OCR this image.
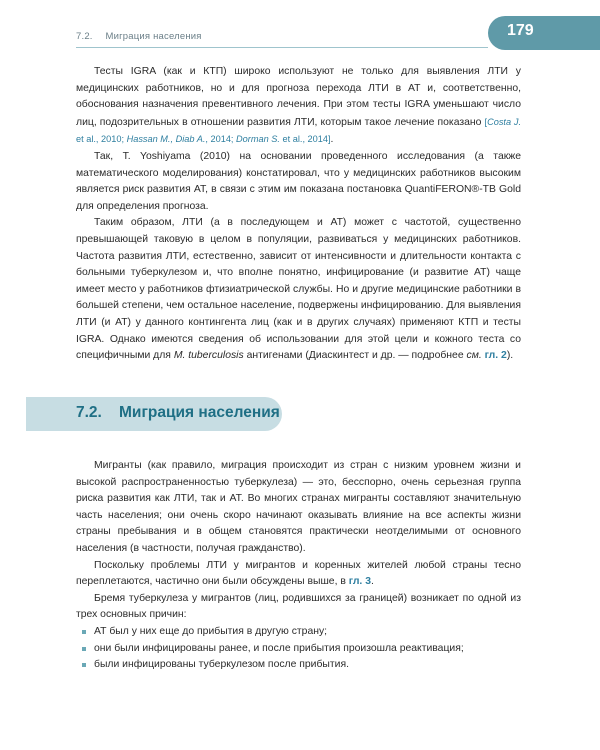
7.2. Миграция населения	179

Тесты IGRA (как и КТП) широко используют не только для выявления ЛТИ у медицинских работников, но и для прогноза перехода ЛТИ в АТ и, соответственно, обоснования назначения превентивного лечения. При этом тесты IGRA уменьшают число лиц, подозрительных в отношении развития ЛТИ, которым такое лечение показано [Costa J. et al., 2010; Hassan M., Diab A., 2014; Dorman S. et al., 2014].

Так, T. Yoshiyama (2010) на основании проведенного исследования (а также математического моделирования) констатировал, что у медицинских работников высоким является риск развития АТ, в связи с этим им показана постановка QuantiFERON®-TB Gold для определения прогноза.

Таким образом, ЛТИ (а в последующем и АТ) может с частотой, существенно превышающей таковую в целом в популяции, развиваться у медицинских работников. Частота развития ЛТИ, естественно, зависит от интенсивности и длительности контакта с больными туберкулезом и, что вполне понятно, инфицирование (и развитие АТ) чаще имеет место у работников фтизиатрической службы. Но и другие медицинские работники в большей степени, чем остальное население, подвержены инфицированию. Для выявления ЛТИ (и АТ) у данного контингента лиц (как и в других случаях) применяют КТП и тесты IGRA. Однако имеются сведения об использовании для этой цели и кожного теста со специфичными для M. tuberculosis антигенами (Диаскинтест и др. — подробнее см. гл. 2).

7.2. Миграция населения

Мигранты (как правило, миграция происходит из стран с низким уровнем жизни и высокой распространенностью туберкулеза) — это, бесспорно, очень серьезная группа риска развития как ЛТИ, так и АТ. Во многих странах мигранты составляют значительную часть населения; они очень скоро начинают оказывать влияние на все аспекты жизни страны пребывания и в общем становятся практически неотделимыми от основного населения (в частности, получая гражданство).

Поскольку проблемы ЛТИ у мигрантов и коренных жителей любой страны тесно переплетаются, частично они были обсуждены выше, в гл. 3.

Бремя туберкулеза у мигрантов (лиц, родившихся за границей) возникает по одной из трех основных причин:

АТ был у них еще до прибытия в другую страну;
они были инфицированы ранее, и после прибытия произошла реактивация;
были инфицированы туберкулезом после прибытия.
